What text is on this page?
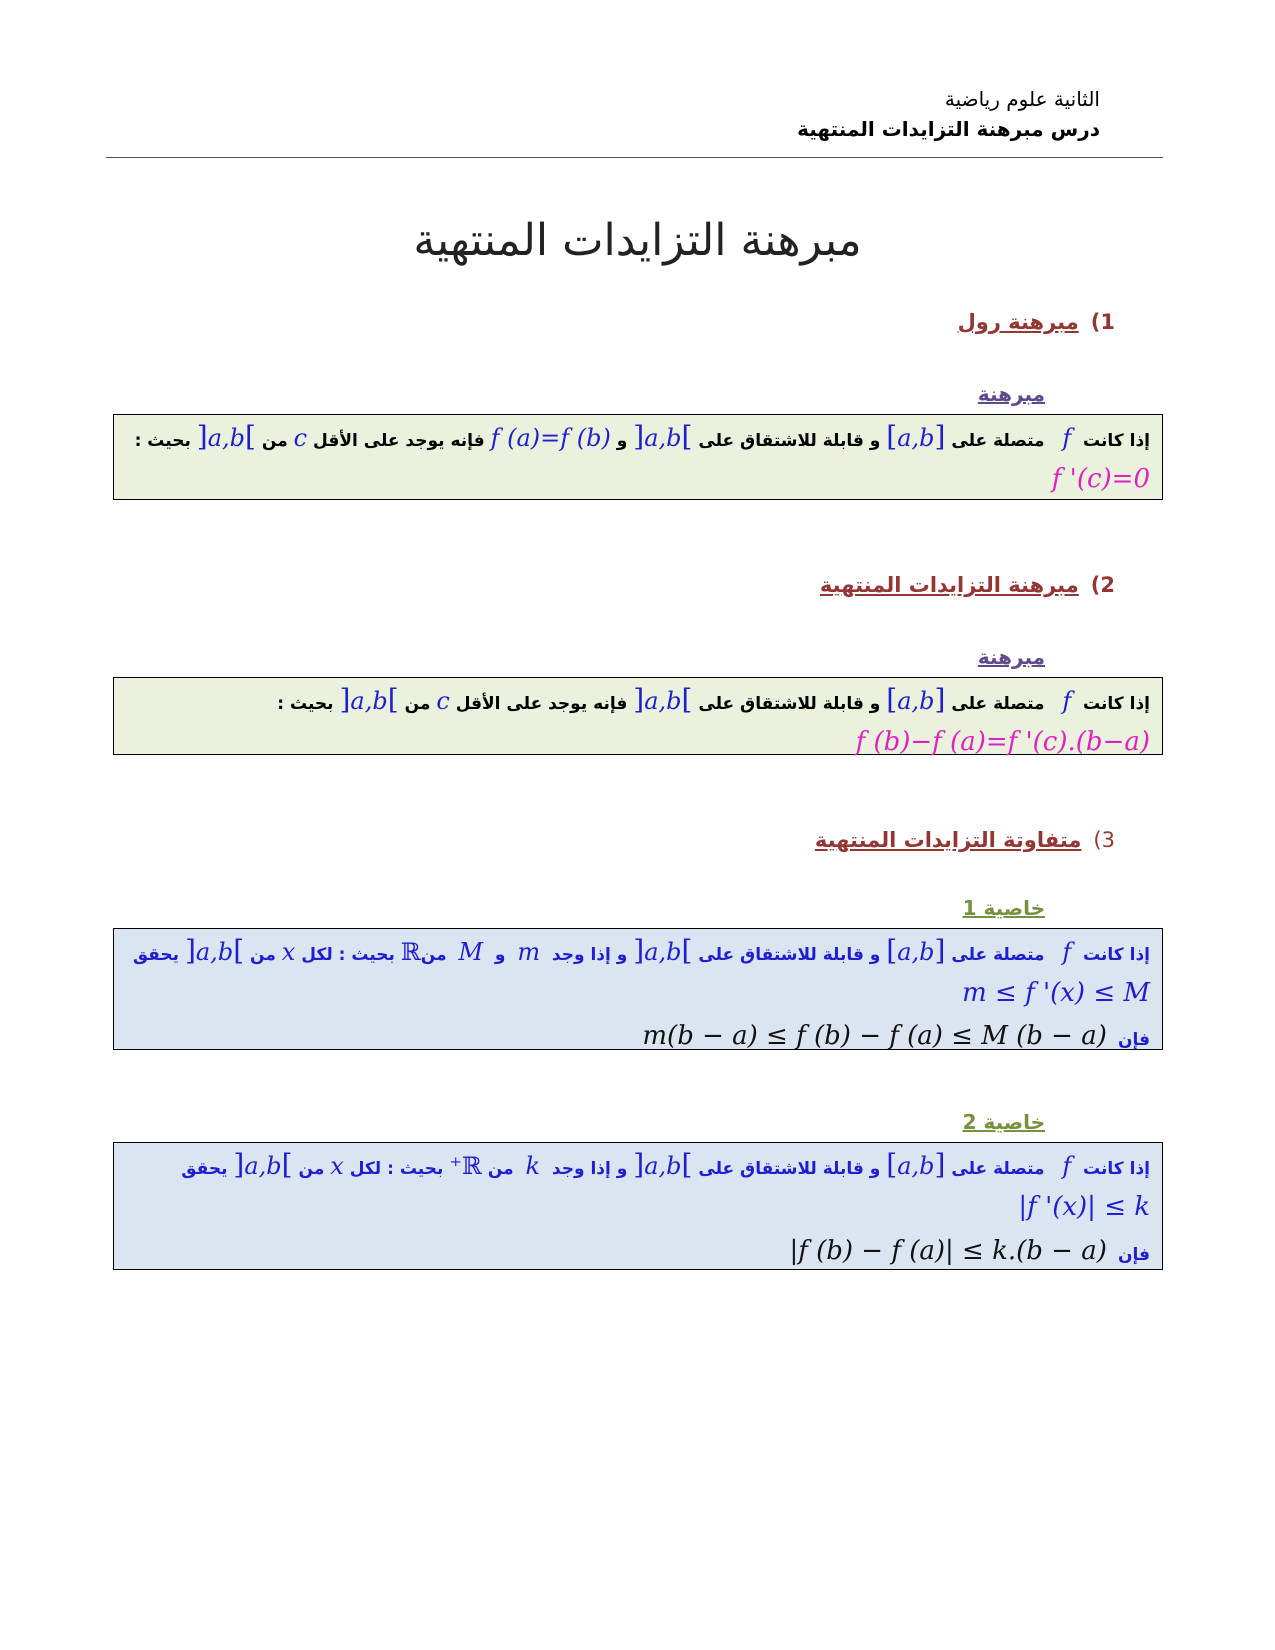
الثانية علوم رياضية
درس مبرهنة التزايدات المنتهية
مبرهنة التزايدات المنتهية
1)مبرهنة رول
مبرهنة
إذا كانت  f   متصلة على [a,b] و قابلة للاشتقاق على ]a,b[ و f (a)=f (b) فإنه يوجد على الأقل c من ]a,b[ بحيث :
f '(c)=0
2)مبرهنة التزايدات المنتهية
مبرهنة
إذا كانت  f   متصلة على [a,b] و قابلة للاشتقاق على ]a,b[ فإنه يوجد على الأقل c من ]a,b[ بحيث :
f (b)−f (a)=f '(c).(b−a)
3)متفاوتة التزايدات المنتهية
خاصية 1
إذا كانت  f   متصلة على [a,b] و قابلة للاشتقاق على ]a,b[ و إذا وجد  m  و  M  منℝ بحيث : لكل x من ]a,b[ يحقق
m ≤ f '(x) ≤ M
فإن m(b − a) ≤ f (b) − f (a) ≤ M (b − a)
خاصية 2
إذا كانت  f   متصلة على [a,b] و قابلة للاشتقاق على ]a,b[ و إذا وجد  k  من ℝ⁺ بحيث : لكل x من ]a,b[ يحقق
|f '(x)| ≤ k
فإن |f (b) − f (a)| ≤ k.(b − a)
